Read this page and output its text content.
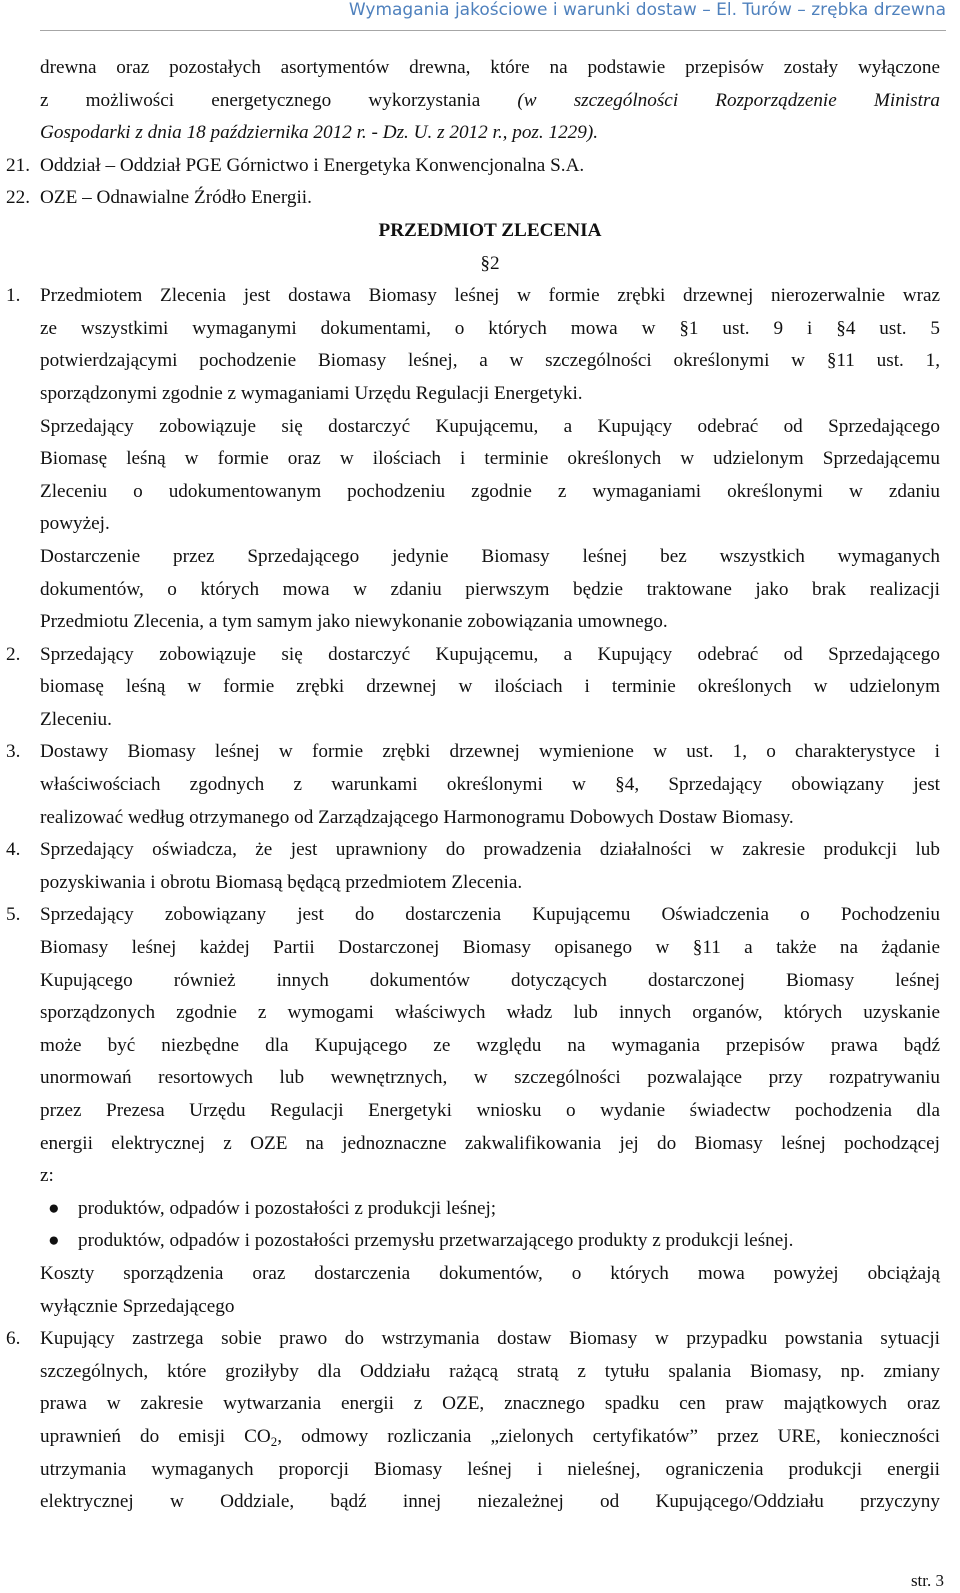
Wymagania jakościowe i warunki dostaw – El. Turów – zrębka drzewna
drewna oraz pozostałych asortymentów drewna, które na podstawie przepisów zostały wyłączone
z możliwości energetycznego wykorzystania (w szczególności Rozporządzenie Ministra
Gospodarki z dnia 18 października 2012 r. - Dz. U. z 2012 r., poz. 1229).
21. Oddział – Oddział PGE Górnictwo i Energetyka Konwencjonalna S.A.
22. OZE – Odnawialne Źródło Energii.
PRZEDMIOT ZLECENIA
§2
1. Przedmiotem Zlecenia jest dostawa Biomasy leśnej w formie zrębki drzewnej nierozerwalnie wraz
ze wszystkimi wymaganymi dokumentami, o których mowa w §1 ust. 9 i §4 ust. 5
potwierdzającymi pochodzenie Biomasy leśnej, a w szczególności określonymi w §11 ust. 1,
sporządzonymi zgodnie z wymaganiami Urzędu Regulacji Energetyki.
Sprzedający zobowiązuje się dostarczyć Kupującemu, a Kupujący odebrać od Sprzedającego
Biomasę leśną w formie oraz w ilościach i terminie określonych w udzielonym Sprzedającemu
Zleceniu o udokumentowanym pochodzeniu zgodnie z wymaganiami określonymi w zdaniu
powyżej.
Dostarczenie przez Sprzedającego jedynie Biomasy leśnej bez wszystkich wymaganych
dokumentów, o których mowa w zdaniu pierwszym będzie traktowane jako brak realizacji
Przedmiotu Zlecenia, a tym samym jako niewykonanie zobowiązania umownego.
2. Sprzedający zobowiązuje się dostarczyć Kupującemu, a Kupujący odebrać od Sprzedającego
biomasę leśną w formie zrębki drzewnej w ilościach i terminie określonych w udzielonym
Zleceniu.
3. Dostawy Biomasy leśnej w formie zrębki drzewnej wymienione w ust. 1, o charakterystyce i
właściwościach zgodnych z warunkami określonymi w §4, Sprzedający obowiązany jest
realizować według otrzymanego od Zarządzającego Harmonogramu Dobowych Dostaw Biomasy.
4. Sprzedający oświadcza, że jest uprawniony do prowadzenia działalności w zakresie produkcji lub
pozyskiwania i obrotu Biomasą będącą przedmiotem Zlecenia.
5. Sprzedający zobowiązany jest do dostarczenia Kupującemu Oświadczenia o Pochodzeniu
Biomasy leśnej każdej Partii Dostarczonej Biomasy opisanego w §11 a także na żądanie
Kupującego również innych dokumentów dotyczących dostarczonej Biomasy leśnej
sporządzonych zgodnie z wymogami właściwych władz lub innych organów, których uzyskanie
może być niezbędne dla Kupującego ze względu na wymagania przepisów prawa bądź
unormowań resortowych lub wewnętrznych, w szczególności pozwalające przy rozpatrywaniu
przez Prezesa Urzędu Regulacji Energetyki wniosku o wydanie świadectw pochodzenia dla
energii elektrycznej z OZE na jednoznaczne zakwalifikowania jej do Biomasy leśnej pochodzącej
z:
● produktów, odpadów i pozostałości z produkcji leśnej;
● produktów, odpadów i pozostałości przemysłu przetwarzającego produkty z produkcji leśnej.
Koszty sporządzenia oraz dostarczenia dokumentów, o których mowa powyżej obciążają
wyłącznie Sprzedającego
6. Kupujący zastrzega sobie prawo do wstrzymania dostaw Biomasy w przypadku powstania sytuacji
szczególnych, które groziłyby dla Oddziału rażącą stratą z tytułu spalania Biomasy, np. zmiany
prawa w zakresie wytwarzania energii z OZE, znacznego spadku cen praw majątkowych oraz
uprawnień do emisji $CO_2$, odmowy rozliczania „zielonych certyfikatów” przez URE, konieczności
utrzymania wymaganych proporcji Biomasy leśnej i nieleśnej, ograniczenia produkcji energii
elektrycznej w Oddziale, bądź innej niezależnej od Kupującego/Oddziału przyczyny
str. 3
